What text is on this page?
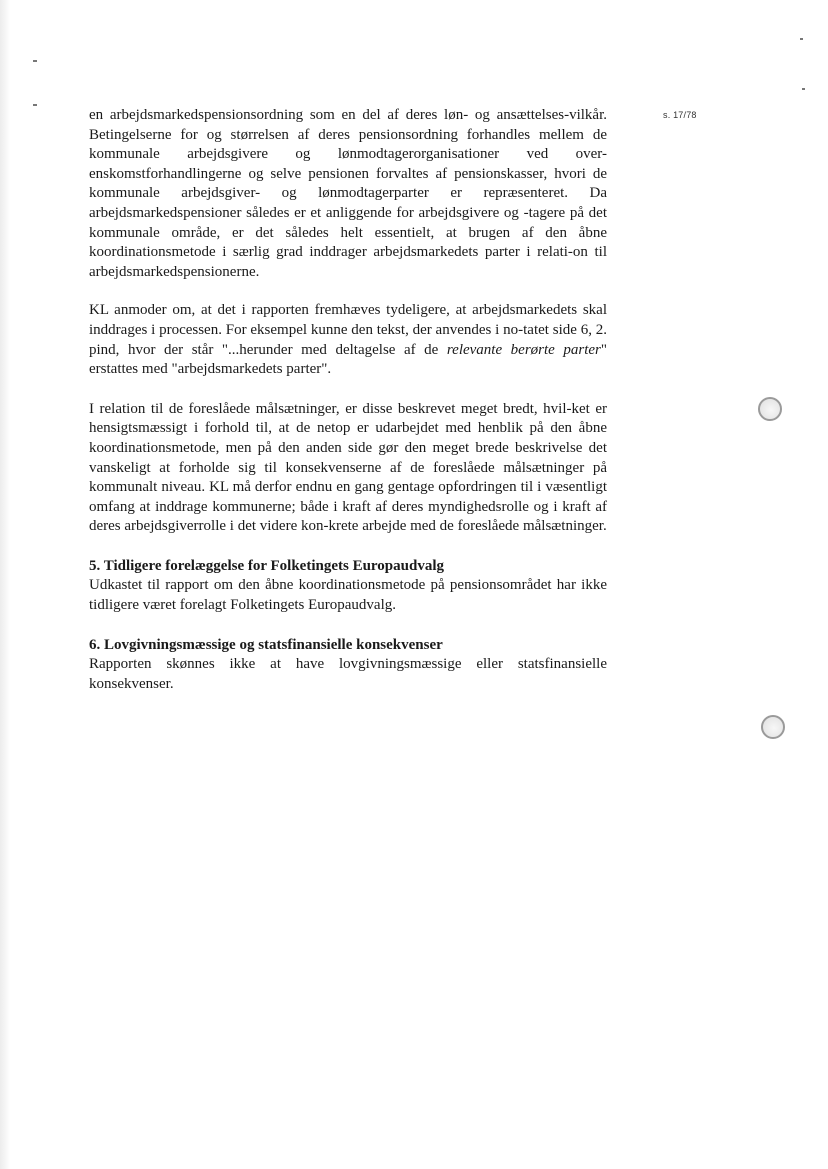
s. 17/78

en arbejdsmarkedspensionsordning som en del af deres løn- og ansættelses-vilkår. Betingelserne for og størrelsen af deres pensionsordning forhandles mellem de kommunale arbejdsgivere og lønmodtagerorganisationer ved over-enskomstforhandlingerne og selve pensionen forvaltes af pensionskasser, hvori de kommunale arbejdsgiver- og lønmodtagerparter er repræsenteret. Da arbejdsmarkedspensioner således er et anliggende for arbejdsgivere og -tagere på det kommunale område, er det således helt essentielt, at brugen af den åbne koordinationsmetode i særlig grad inddrager arbejdsmarkedets parter i relati-on til arbejdsmarkedspensionerne.

KL anmoder om, at det i rapporten fremhæves tydeligere, at arbejdsmarkedets skal inddrages i processen. For eksempel kunne den tekst, der anvendes i no-tatet side 6, 2. pind, hvor der står "...herunder med deltagelse af de relevante berørte parter" erstattes med "arbejdsmarkedets parter".

I relation til de foreslåede målsætninger, er disse beskrevet meget bredt, hvil-ket er hensigtsmæssigt i forhold til, at de netop er udarbejdet med henblik på den åbne koordinationsmetode, men på den anden side gør den meget brede beskrivelse det vanskeligt at forholde sig til konsekvenserne af de foreslåede målsætninger på kommunalt niveau. KL må derfor endnu en gang gentage opfordringen til i væsentligt omfang at inddrage kommunerne; både i kraft af deres myndighedsrolle og i kraft af deres arbejdsgiverrolle i det videre kon-krete arbejde med de foreslåede målsætninger.

5. Tidligere forelæggelse for Folketingets Europaudvalg

Udkastet til rapport om den åbne koordinationsmetode på pensionsområdet har ikke tidligere været forelagt Folketingets Europaudvalg.

6. Lovgivningsmæssige og statsfinansielle konsekvenser

Rapporten skønnes ikke at have lovgivningsmæssige eller statsfinansielle konsekvenser.
